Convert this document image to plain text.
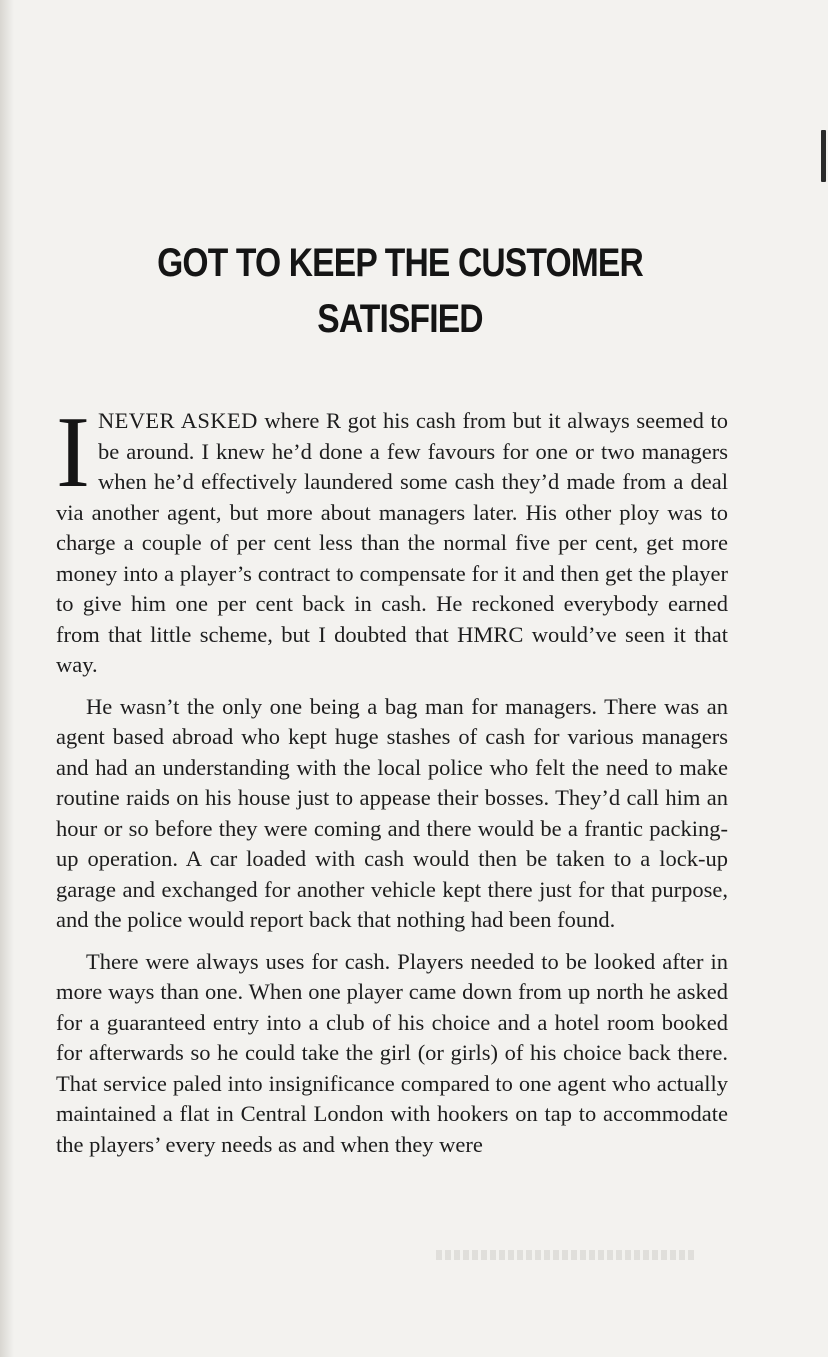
GOT TO KEEP THE CUSTOMER SATISFIED

INEVER ASKED where R got his cash from but it always seemed to be around. I knew he’d done a few favours for one or two managers when he’d effectively laundered some cash they’d made from a deal via another agent, but more about managers later. His other ploy was to charge a couple of per cent less than the normal five per cent, get more money into a player’s contract to compensate for it and then get the player to give him one per cent back in cash. He reckoned everybody earned from that little scheme, but I doubted that HMRC would’ve seen it that way.

He wasn’t the only one being a bag man for managers. There was an agent based abroad who kept huge stashes of cash for various managers and had an understanding with the local police who felt the need to make routine raids on his house just to appease their bosses. They’d call him an hour or so before they were coming and there would be a frantic packing-up operation. A car loaded with cash would then be taken to a lock-up garage and exchanged for another vehicle kept there just for that purpose, and the police would report back that nothing had been found.

There were always uses for cash. Players needed to be looked after in more ways than one. When one player came down from up north he asked for a guaranteed entry into a club of his choice and a hotel room booked for afterwards so he could take the girl (or girls) of his choice back there. That service paled into insignificance compared to one agent who actually maintained a flat in Central London with hookers on tap to accommodate the players’ every needs as and when they were
